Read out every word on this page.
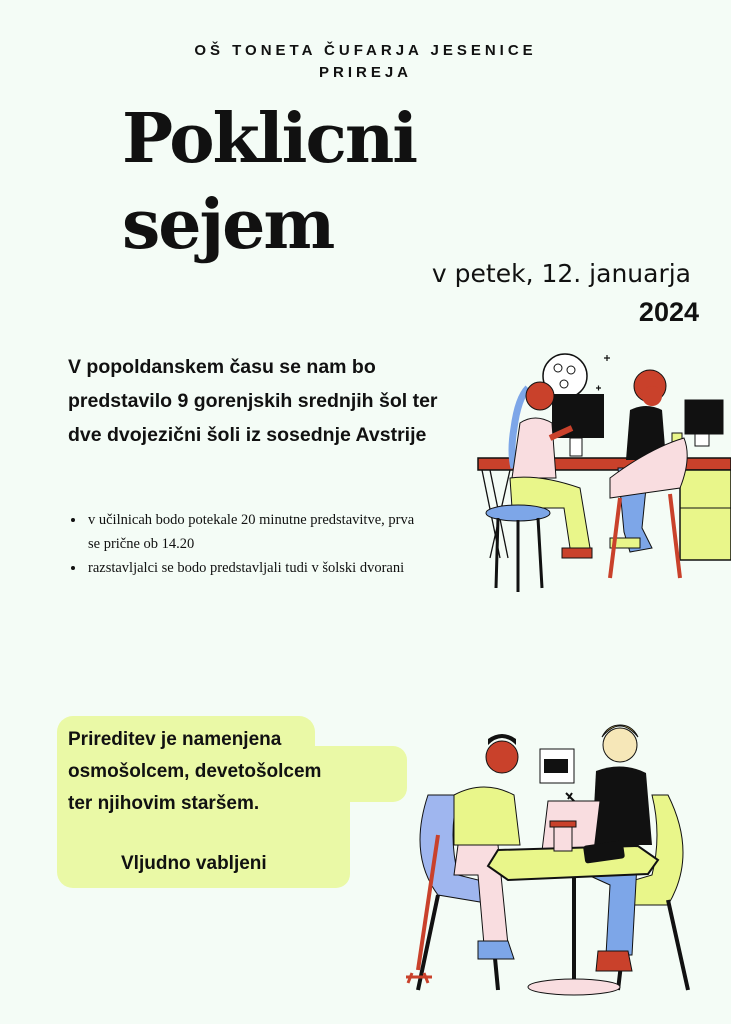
OŠ TONETA ČUFARJA JESENICE
PRIREJA
Poklicni
sejem
v petek, 12. januarja
2024
V popoldanskem času se nam bo predstavilo 9 gorenjskih srednjih šol ter dve dvojezični šoli iz sosednje Avstrije
• v učilnicah bodo potekale 20 minutne predstavitve, prva se prične ob 14.20
• razstavljalci se bodo predstavljali tudi v šolski dvorani
Prireditev je namenjena
osmošolcem, devetošolcem
ter njihovim staršem.
Vljudno vabljeni
